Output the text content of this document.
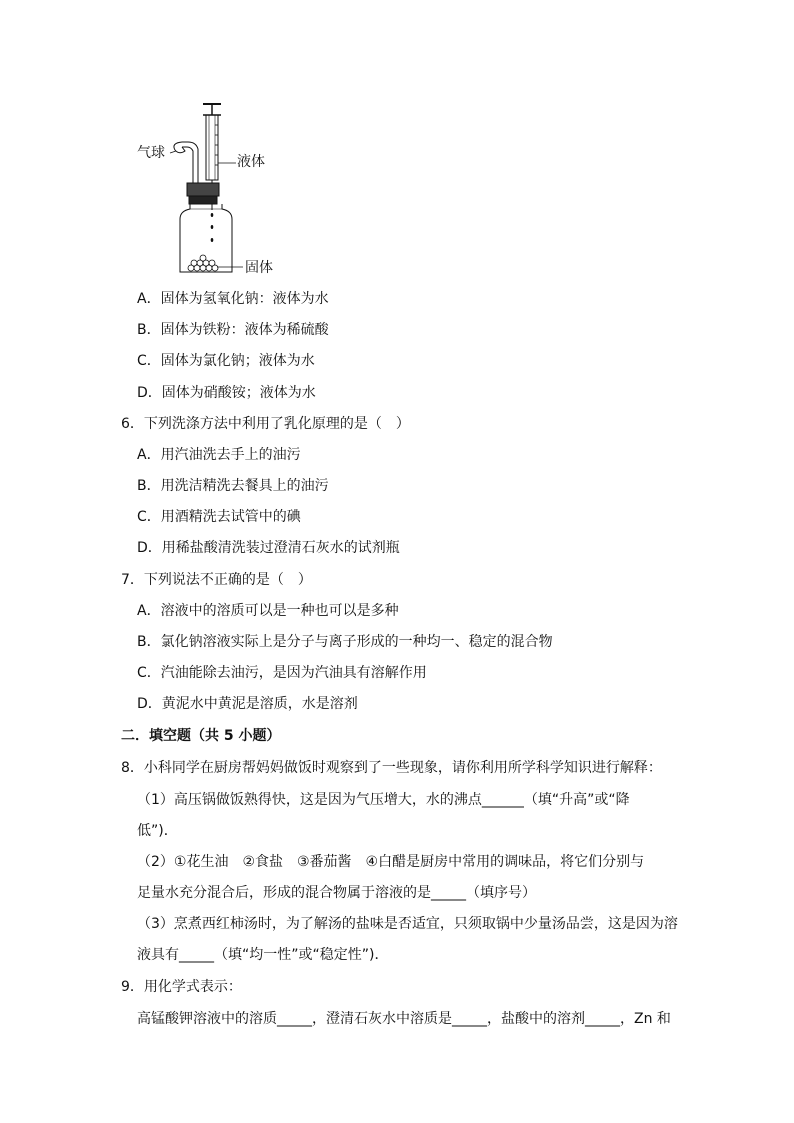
气球
液体
固体
A．固体为氢氧化钠：液体为水
B．固体为铁粉：液体为稀硫酸
C．固体为氯化钠；液体为水
D．固体为硝酸铵；液体为水
6．下列洗涤方法中利用了乳化原理的是（　）
A．用汽油洗去手上的油污
B．用洗洁精洗去餐具上的油污
C．用酒精洗去试管中的碘
D．用稀盐酸清洗装过澄清石灰水的试剂瓶
7．下列说法不正确的是（　）
A．溶液中的溶质可以是一种也可以是多种
B．氯化钠溶液实际上是分子与离子形成的一种均一、稳定的混合物
C．汽油能除去油污，是因为汽油具有溶解作用
D．黄泥水中黄泥是溶质，水是溶剂
二．填空题（共 5 小题）
8．小科同学在厨房帮妈妈做饭时观察到了一些现象，请你利用所学科学知识进行解释：
（1）高压锅做饭熟得快，这是因为气压增大，水的沸点______（填“升高”或“降
低”)．
（2）①花生油　②食盐　③番茄酱　④白醋是厨房中常用的调味品，将它们分别与
足量水充分混合后，形成的混合物属于溶液的是_____（填序号）
（3）烹煮西红柿汤时，为了解汤的盐味是否适宜，只须取锅中少量汤品尝，这是因为溶
液具有_____（填“均一性”或“稳定性”)．
9．用化学式表示：
高锰酸钾溶液中的溶质_____，澄清石灰水中溶质是_____，盐酸中的溶剂_____，Zn 和
